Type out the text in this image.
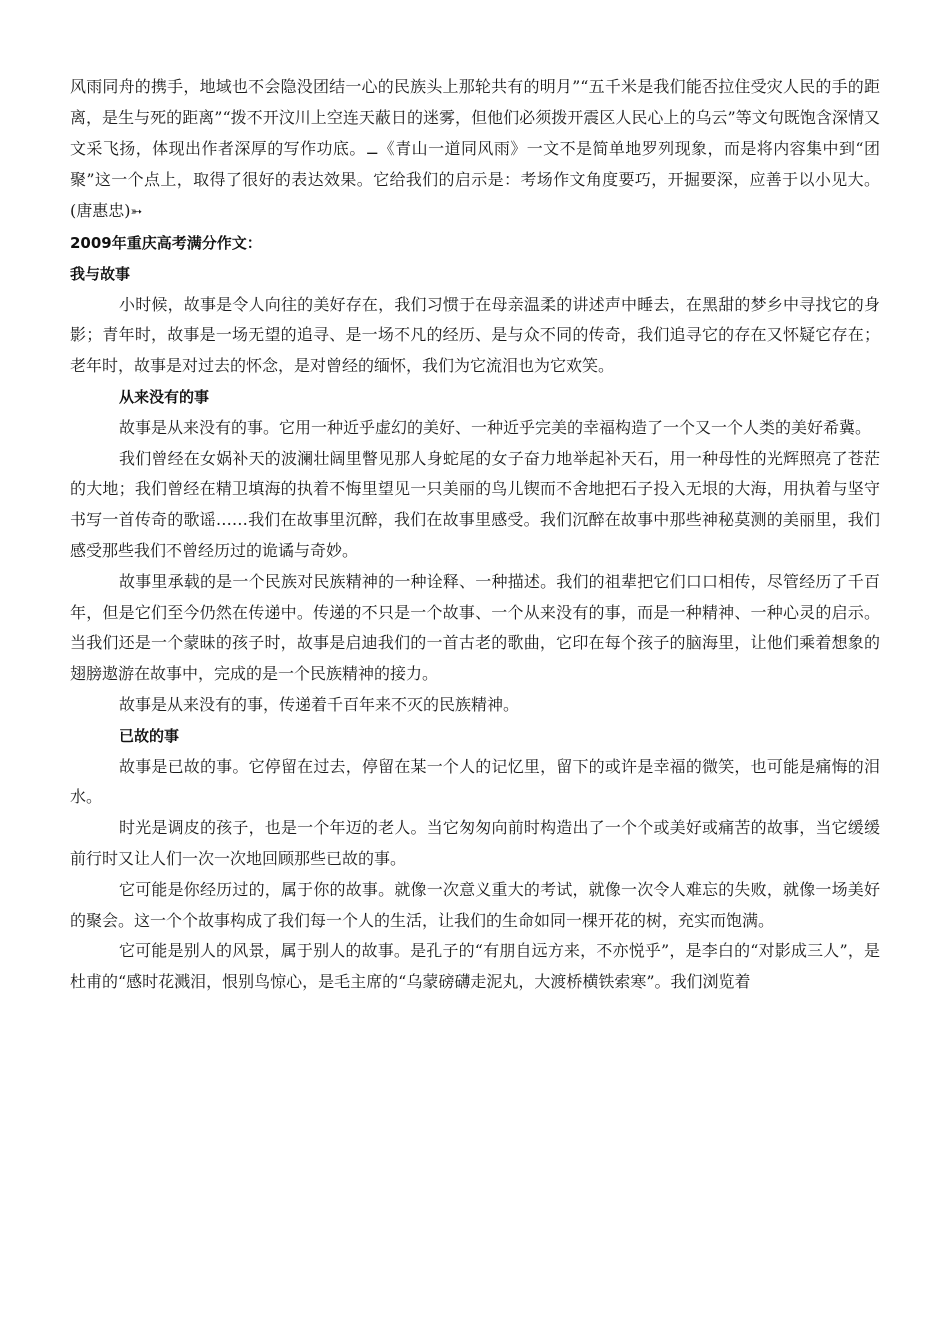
风雨同舟的携手，地域也不会隐没团结一心的民族头上那轮共有的明月”“五千米是我们能否拉住受灾人民的手的距离，是生与死的距离”“拨不开汶川上空连天蔽日的迷雾，但他们必须拨开震区人民心上的乌云”等文句既饱含深情又文采飞扬，体现出作者深厚的写作功底。⚊《青山一道同风雨》一文不是简单地罗列现象，而是将内容集中到“团聚”这一个点上，取得了很好的表达效果。它给我们的启示是：考场作文角度要巧，开掘要深，应善于以小见大。(唐惠忠)➳

2009年重庆高考满分作文：
我与故事

小时候，故事是令人向往的美好存在，我们习惯于在母亲温柔的讲述声中睡去，在黑甜的梦乡中寻找它的身影；青年时，故事是一场无望的追寻、是一场不凡的经历、是与众不同的传奇，我们追寻它的存在又怀疑它存在；老年时，故事是对过去的怀念，是对曾经的缅怀，我们为它流泪也为它欢笑。

从来没有的事

故事是从来没有的事。它用一种近乎虚幻的美好、一种近乎完美的幸福构造了一个又一个人类的美好希冀。

我们曾经在女娲补天的波澜壮阔里瞥见那人身蛇尾的女子奋力地举起补天石，用一种母性的光辉照亮了苍茫的大地；我们曾经在精卫填海的执着不悔里望见一只美丽的鸟儿锲而不舍地把石子投入无垠的大海，用执着与坚守书写一首传奇的歌谣……我们在故事里沉醉，我们在故事里感受。我们沉醉在故事中那些神秘莫测的美丽里，我们感受那些我们不曾经历过的诡谲与奇妙。

故事里承载的是一个民族对民族精神的一种诠释、一种描述。我们的祖辈把它们口口相传，尽管经历了千百年，但是它们至今仍然在传递中。传递的不只是一个故事、一个从来没有的事，而是一种精神、一种心灵的启示。当我们还是一个蒙昧的孩子时，故事是启迪我们的一首古老的歌曲，它印在每个孩子的脑海里，让他们乘着想象的翅膀遨游在故事中，完成的是一个民族精神的接力。

故事是从来没有的事，传递着千百年来不灭的民族精神。

已故的事

故事是已故的事。它停留在过去，停留在某一个人的记忆里，留下的或许是幸福的微笑，也可能是痛悔的泪水。

时光是调皮的孩子，也是一个年迈的老人。当它匆匆向前时构造出了一个个或美好或痛苦的故事，当它缓缓前行时又让人们一次一次地回顾那些已故的事。

它可能是你经历过的，属于你的故事。就像一次意义重大的考试，就像一次令人难忘的失败，就像一场美好的聚会。这一个个故事构成了我们每一个人的生活，让我们的生命如同一棵开花的树，充实而饱满。

它可能是别人的风景，属于别人的故事。是孔子的“有朋自远方来，不亦悦乎”，是李白的“对影成三人”，是杜甫的“感时花溅泪，恨别鸟惊心，是毛主席的“乌蒙磅礴走泥丸，大渡桥横铁索寒”。我们浏览着
